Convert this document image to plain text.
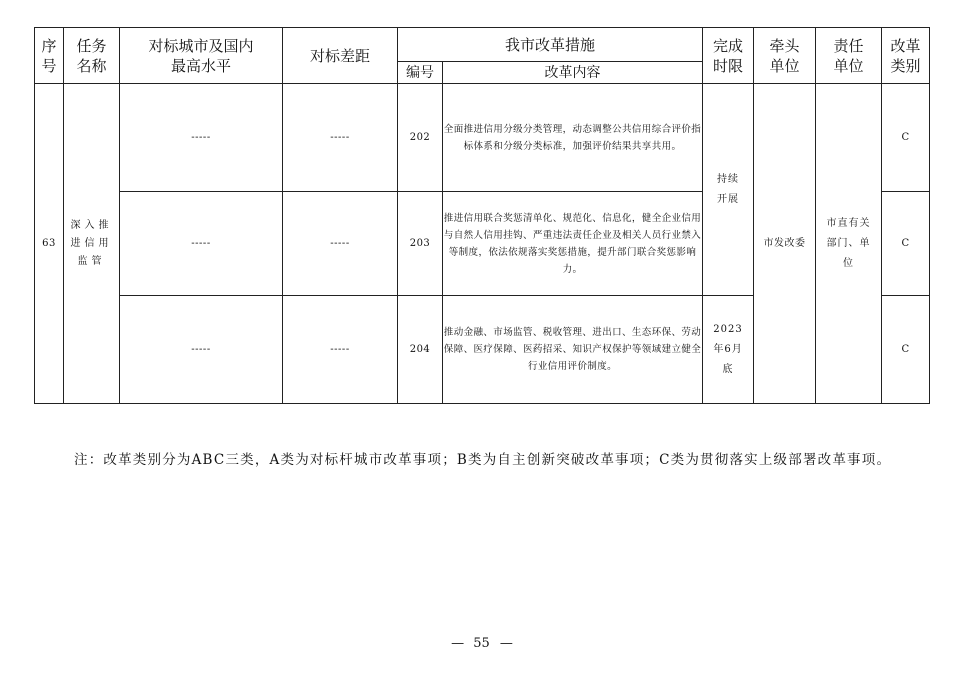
序号	任务名称	对标城市及国内最高水平	对标差距	我市改革措施		完成时限	牵头单位	责任单位	改革类别
				编号	改革内容				
63	深入推进信用监管	-----	-----	202	全面推进信用分级分类管理，动态调整公共信用综合评价指标体系和分级分类标准，加强评价结果共享共用。	持续开展	市发改委	市直有关部门、单位	C
		-----	-----	203	推进信用联合奖惩清单化、规范化、信息化，健全企业信用与自然人信用挂钩、严重违法责任企业及相关人员行业禁入等制度，依法依规落实奖惩措施，提升部门联合奖惩影响力。				C
		-----	-----	204	推动金融、市场监管、税收管理、进出口、生态环保、劳动保障、医疗保障、医药招采、知识产权保护等领域建立健全行业信用评价制度。	2023年6月底			C

注：改革类别分为ABC三类，A类为对标杆城市改革事项；B类为自主创新突破改革事项；C类为贯彻落实上级部署改革事项。

— 55 —
